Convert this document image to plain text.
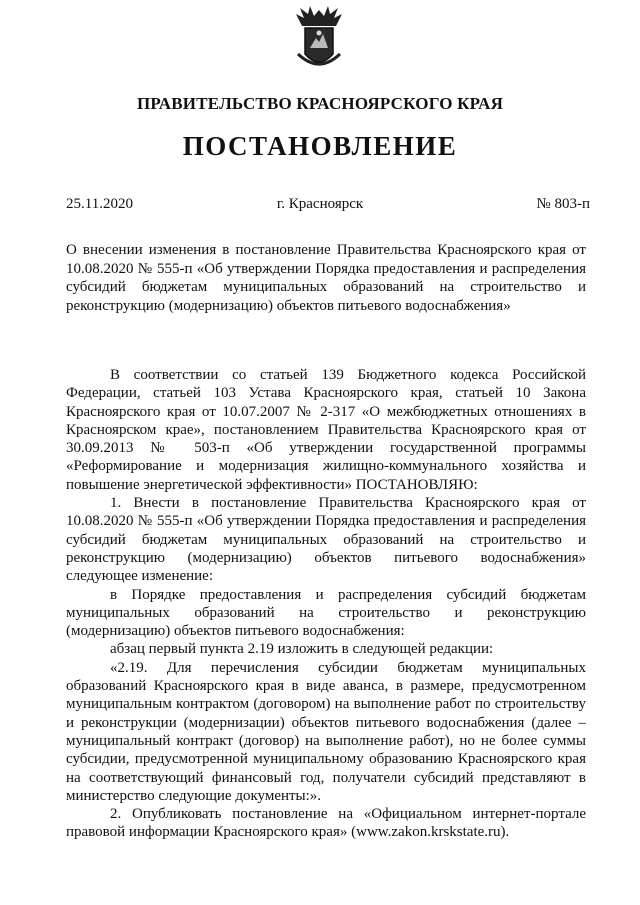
ПРАВИТЕЛЬСТВО КРАСНОЯРСКОГО КРАЯ
ПОСТАНОВЛЕНИЕ
25.11.2020	г. Красноярск	№ 803-п
О внесении изменения в постановление Правительства Красноярского края от 10.08.2020 № 555-п «Об утверждении Порядка предоставления и распределения субсидий бюджетам муниципальных образований на строительство и реконструкцию (модернизацию) объектов питьевого водоснабжения»

В соответствии со статьей 139 Бюджетного кодекса Российской Федерации, статьей 103 Устава Красноярского края, статьей 10 Закона Красноярского края от 10.07.2007 № 2-317 «О межбюджетных отношениях в Красноярском крае», постановлением Правительства Красноярского края от 30.09.2013 № 503-п «Об утверждении государственной программы «Реформирование и модернизация жилищно-коммунального хозяйства и повышение энергетической эффективности» ПОСТАНОВЛЯЮ:

1. Внести в постановление Правительства Красноярского края от 10.08.2020 № 555-п «Об утверждении Порядка предоставления и распределения субсидий бюджетам муниципальных образований на строительство и реконструкцию (модернизацию) объектов питьевого водоснабжения» следующее изменение:

в Порядке предоставления и распределения субсидий бюджетам муниципальных образований на строительство и реконструкцию (модернизацию) объектов питьевого водоснабжения:

абзац первый пункта 2.19 изложить в следующей редакции:

«2.19. Для перечисления субсидии бюджетам муниципальных образований Красноярского края в виде аванса, в размере, предусмотренном муниципальным контрактом (договором) на выполнение работ по строительству и реконструкции (модернизации) объектов питьевого водоснабжения (далее – муниципальный контракт (договор) на выполнение работ), но не более суммы субсидии, предусмотренной муниципальному образованию Красноярского края на соответствующий финансовый год, получатели субсидий представляют в министерство следующие документы:».

2. Опубликовать постановление на «Официальном интернет-портале правовой информации Красноярского края» (www.zakon.krskstate.ru).
